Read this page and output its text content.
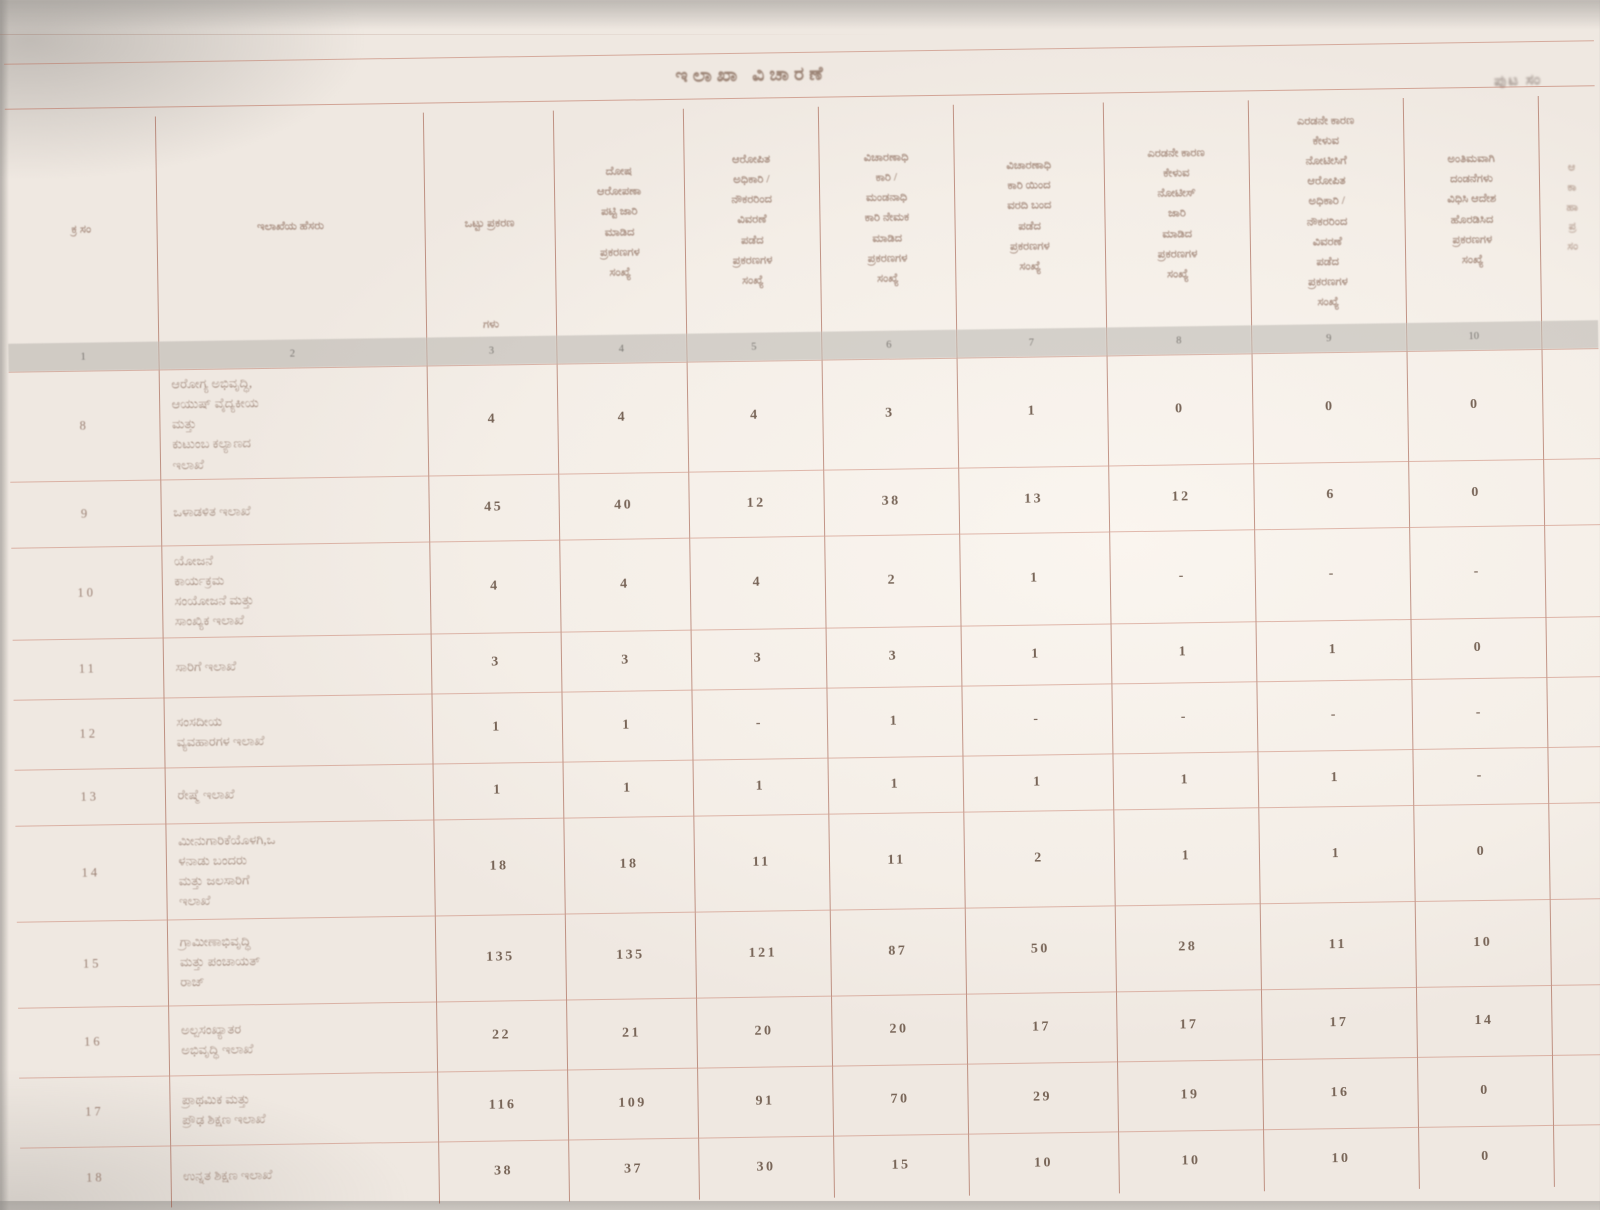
ಪುಟ ಸಂ
ಇಲಾಖಾ ವಿಚಾರಣೆ
ಕ್ರ ಸಂ	ಇಲಾಖೆಯ ಹೆಸರು	ಒಟ್ಟು ಪ್ರಕರಣ
ಗಳು

ದೋಷ
ಆರೋಪಣಾ
ಪಟ್ಟಿ ಜಾರಿ
ಮಾಡಿದ
ಪ್ರಕರಣಗಳ
ಸಂಖ್ಯೆ

ಆರೋಪಿತ
ಅಧಿಕಾರಿ /
ನೌಕರರಿಂದ
ವಿವರಣೆ
ಪಡೆದ
ಪ್ರಕರಣಗಳ
ಸಂಖ್ಯೆ

ವಿಚಾರಣಾಧಿ
ಕಾರಿ /
ಮಂಡನಾಧಿ
ಕಾರಿ ನೇಮಕ
ಮಾಡಿದ
ಪ್ರಕರಣಗಳ
ಸಂಖ್ಯೆ

ವಿಚಾರಣಾಧಿ
ಕಾರಿ ಯಿಂದ
ವರದಿ ಬಂದ
ಪಡೆದ
ಪ್ರಕರಣಗಳ
ಸಂಖ್ಯೆ

ಎರಡನೇ ಕಾರಣ
ಕೇಳುವ
ನೋಟೀಸ್
ಜಾರಿ
ಮಾಡಿದ
ಪ್ರಕರಣಗಳ
ಸಂಖ್ಯೆ

ಎರಡನೇ ಕಾರಣ
ಕೇಳುವ
ನೋಟೀಸಿಗೆ
ಆರೋಪಿತ
ಅಧಿಕಾರಿ /
ನೌಕರರಿಂದ
ವಿವರಣೆ
ಪಡೆದ
ಪ್ರಕರಣಗಳ
ಸಂಖ್ಯೆ

ಅಂತಿಮವಾಗಿ
ದಂಡನೆಗಳು
ವಿಧಿಸಿ ಆದೇಶ
ಹೊರಡಿಸಿದ
ಪ್ರಕರಣಗಳ
ಸಂಖ್ಯೆ

ಆ
ಕಾ
ಹಾ
ಪ್ರ
ಸಂ

1	2	3	4	5	6	7	8	9	10	
8	ಆರೋಗ್ಯ ಅಭಿವೃದ್ಧಿ,
ಆಯುಷ್ ವೈದ್ಯಕೀಯ
ಮತ್ತು
ಕುಟುಂಬ ಕಲ್ಯಾಣದ
ಇಲಾಖೆ	4	4	4	3	1	0	0	0	
9	ಒಳಾಡಳಿತ ಇಲಾಖೆ	45	40	12	38	13	12	6	0	
10	ಯೋಜನೆ
ಕಾರ್ಯಕ್ರಮ
ಸಂಯೋಜನೆ ಮತ್ತು
ಸಾಂಖ್ಯಿಕ ಇಲಾಖೆ	4	4	4	2	1	-	-	-	
11	ಸಾರಿಗೆ ಇಲಾಖೆ	3	3	3	3	1	1	1	0	
12	ಸಂಸದೀಯ
ವ್ಯವಹಾರಗಳ ಇಲಾಖೆ	1	1	-	1	-	-	-	-	
13	ರೇಷ್ಮೆ ಇಲಾಖೆ	1	1	1	1	1	1	1	-	
14	ಮೀನುಗಾರಿಕೆಯೊಳಗಿ,ಒ
ಳನಾಡು ಬಂದರು
ಮತ್ತು ಜಲಸಾರಿಗೆ
ಇಲಾಖೆ	18	18	11	11	2	1	1	0	
15	ಗ್ರಾಮೀಣಾಭಿವೃದ್ಧಿ
ಮತ್ತು ಪಂಚಾಯತ್
ರಾಜ್	135	135	121	87	50	28	11	10	
16	ಅಲ್ಪಸಂಖ್ಯಾತರ
ಅಭಿವೃದ್ಧಿ ಇಲಾಖೆ	22	21	20	20	17	17	17	14	
17	ಪ್ರಾಥಮಿಕ ಮತ್ತು
ಪ್ರೌಢ ಶಿಕ್ಷಣ ಇಲಾಖೆ	116	109	91	70	29	19	16	0	
18	ಉನ್ನತ ಶಿಕ್ಷಣ ಇಲಾಖೆ	38	37	30	15	10	10	10	0	
